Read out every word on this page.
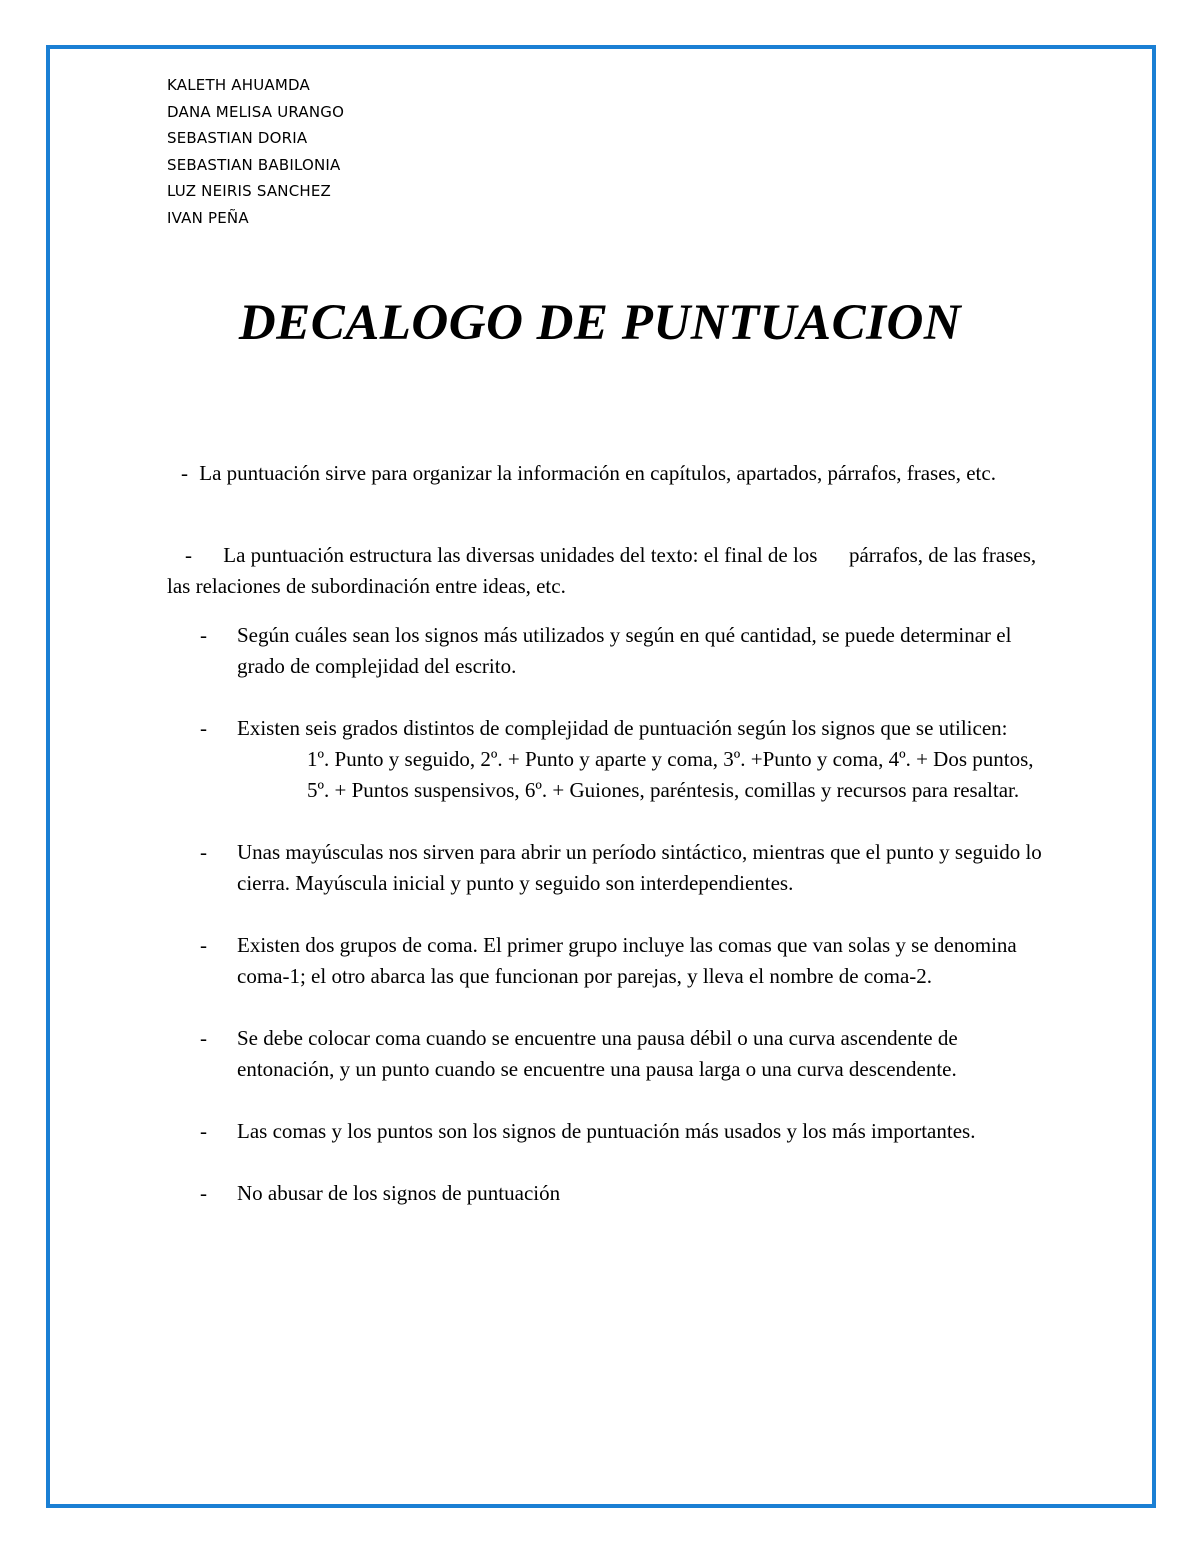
KALETH AHUAMDA
DANA MELISA URANGO
SEBASTIAN DORIA
SEBASTIAN BABILONIA
LUZ NEIRIS SANCHEZ
IVAN PEÑA
DECALOGO DE PUNTUACION
- La puntuación sirve para organizar la información en capítulos, apartados, párrafos, frases, etc.
- La puntuación estructura las diversas unidades del texto: el final de los      párrafos, de las frases, las relaciones de subordinación entre ideas, etc.
- Según cuáles sean los signos más utilizados y según en qué cantidad, se puede determinar el grado de complejidad del escrito.
- Existen seis grados distintos de complejidad de puntuación según los signos que se utilicen:
1º. Punto y seguido, 2º. + Punto y aparte y coma, 3º. +Punto y coma, 4º. + Dos puntos, 5º. + Puntos suspensivos, 6º. + Guiones, paréntesis, comillas y recursos para resaltar.
- Unas mayúsculas nos sirven para abrir un período sintáctico, mientras que el punto y seguido lo cierra. Mayúscula inicial y punto y seguido son interdependientes.
- Existen dos grupos de coma. El primer grupo incluye las comas que van solas y se denomina coma-1; el otro abarca las que funcionan por parejas, y lleva el nombre de coma-2.
- Se debe colocar coma cuando se encuentre una pausa débil o una curva ascendente de entonación, y un punto cuando se encuentre una pausa larga o una curva descendente.
- Las comas y los puntos son los signos de puntuación más usados y los más importantes.
- No abusar de los signos de puntuación
